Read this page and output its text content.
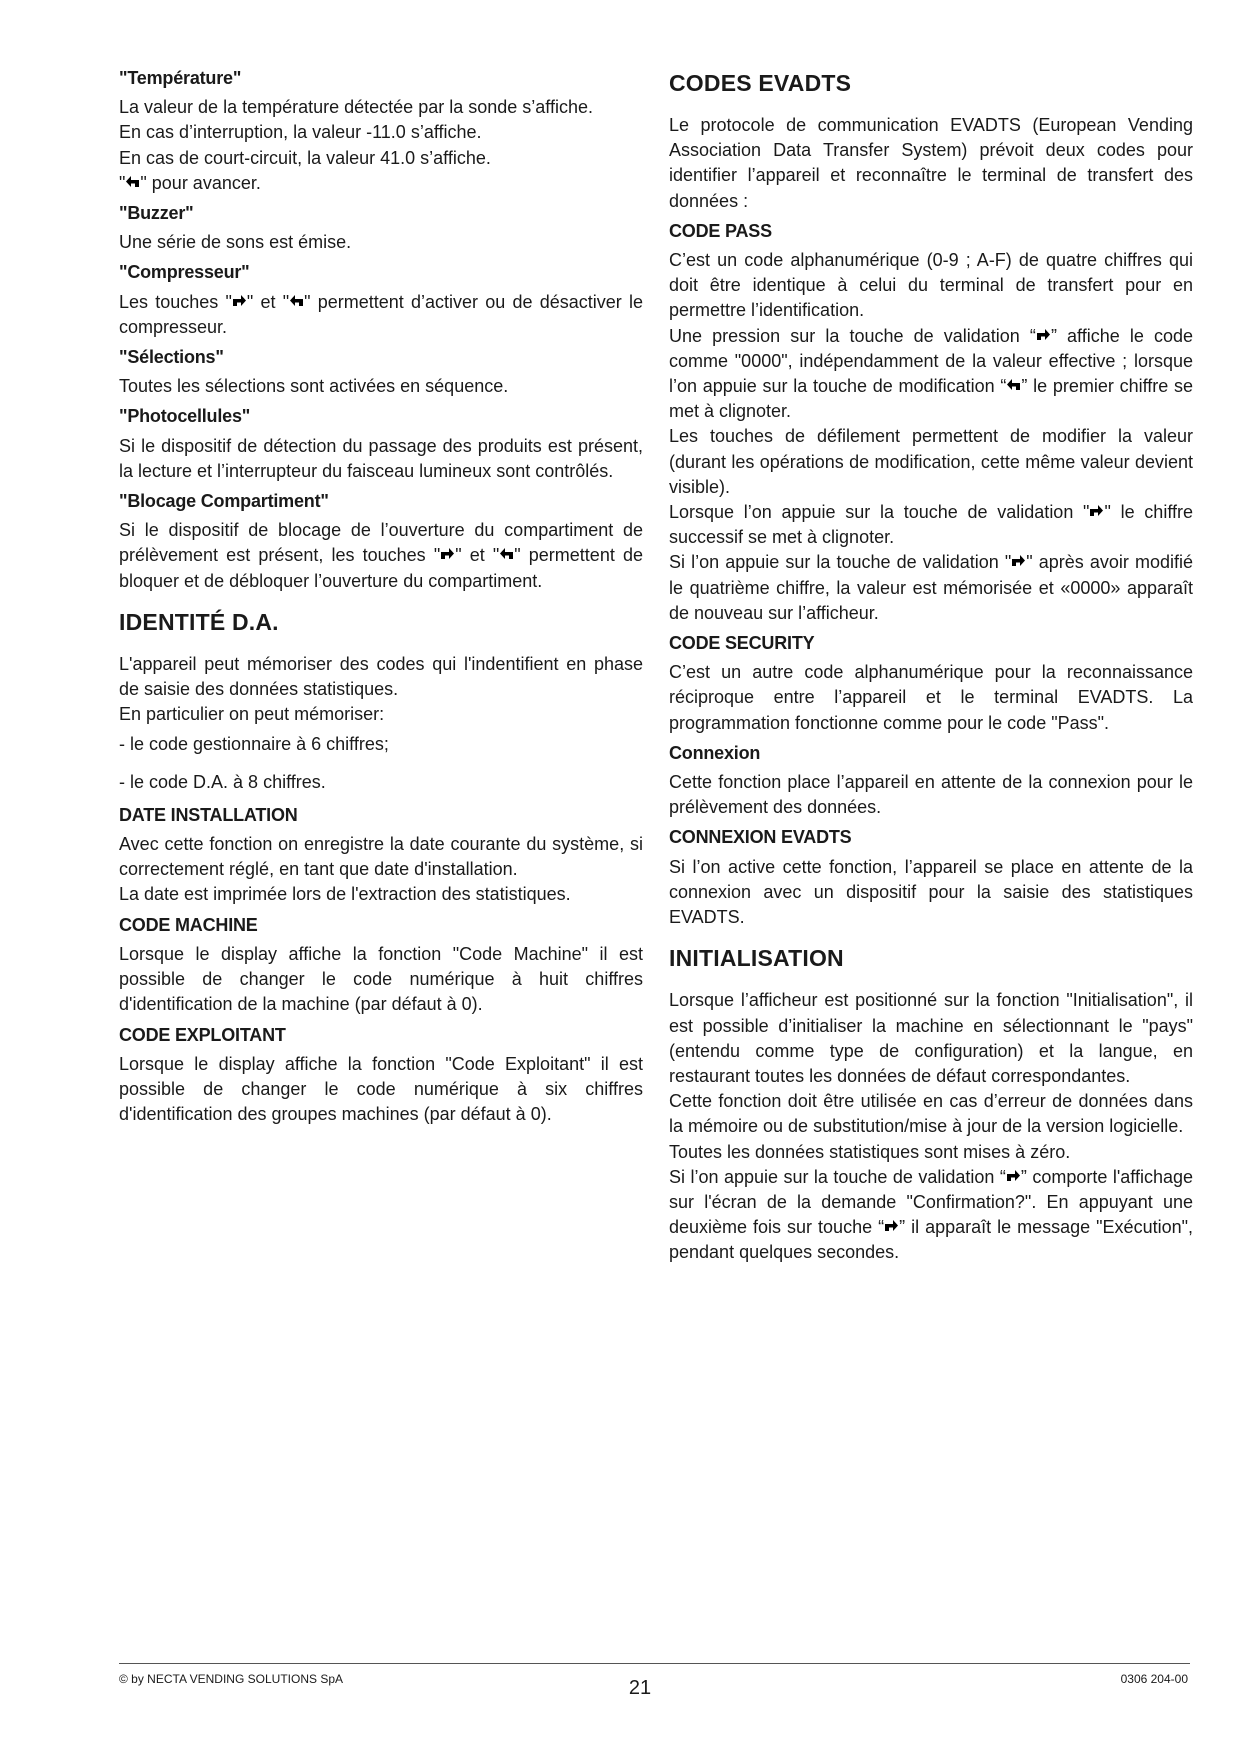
"Température"

La valeur de la température détectée par la sonde s’affiche.

En cas d’interruption, la valeur -11.0 s’affiche.

En cas de court-circuit, la valeur 41.0 s’affiche.

" " pour avancer.

"Buzzer"

Une série de sons est émise.

"Compresseur"

Les touches " " et " " permettent d’activer ou de désactiver le compresseur.

"Sélections"

Toutes les sélections sont activées en séquence.

"Photocellules"

Si le dispositif de détection du passage des produits est présent, la lecture et l’interrupteur du faisceau lumineux sont contrôlés.

"Blocage Compartiment"

Si le dispositif de blocage de l’ouverture du compartiment de prélèvement est présent, les touches " " et " " permettent de bloquer et de débloquer l’ouverture du compartiment.

IDENTITÉ D.A.

L'appareil peut mémoriser des codes qui l'indentifient en phase de saisie des données statistiques.

En particulier on peut mémoriser:

- le code gestionnaire à 6 chiffres;

- le code D.A. à 8 chiffres.

DATE INSTALLATION

Avec cette fonction on enregistre la date courante du système, si correctement réglé, en tant que date d'installation.

La date est imprimée lors de l'extraction des statistiques.

CODE MACHINE

Lorsque le display affiche la fonction "Code Machine" il est possible de changer le code numérique à huit chiffres d'identification de la machine (par défaut à 0).

CODE EXPLOITANT

Lorsque le display affiche la fonction "Code Exploitant" il est possible de changer le code numérique à six chiffres d'identification des groupes machines (par défaut à 0).

CODES EVADTS

Le protocole de communication EVADTS (European Vending Association Data Transfer System) prévoit deux codes pour identifier l’appareil et reconnaître le terminal de transfert des données :

CODE PASS

C’est un code alphanumérique (0-9 ; A-F) de quatre chiffres qui doit être identique à celui du terminal de transfert pour en permettre l’identification.

Une pression sur la touche de validation “ ” affiche le code comme "0000", indépendamment de la valeur effective ; lorsque l’on appuie sur la touche de modification “ ” le premier chiffre se met à clignoter.

Les touches de défilement permettent de modifier la valeur (durant les opérations de modification, cette même valeur devient visible).

Lorsque l’on appuie sur la touche de validation " " le chiffre successif se met à clignoter.

Si l’on appuie sur la touche de validation " " après avoir modifié le quatrième chiffre, la valeur est mémorisée et «0000» apparaît de nouveau sur l’afficheur.

CODE SECURITY

C’est un autre code alphanumérique pour la reconnaissance réciproque entre l’appareil et le terminal EVADTS. La programmation fonctionne comme pour le code "Pass".

Connexion

Cette fonction place l’appareil en attente de la connexion pour le prélèvement des données.

CONNEXION EVADTS

Si l’on active cette fonction, l’appareil se place en attente de la connexion avec un dispositif pour la saisie des statistiques EVADTS.

INITIALISATION

Lorsque l’afficheur est positionné sur la fonction "Initialisation", il est possible d’initialiser la machine en sélectionnant le "pays" (entendu comme type de configuration) et la langue, en restaurant toutes les données de défaut correspondantes.

Cette fonction doit être utilisée en cas d’erreur de données dans la mémoire ou de substitution/mise à jour de la version logicielle.

Toutes les données statistiques sont mises à zéro.

Si l’on appuie sur la touche de validation “ ” comporte l'affichage sur l'écran de la demande "Confirmation?". En appuyant une deuxième fois sur touche “ ” il apparaît le message "Exécution", pendant quelques secondes.

© by NECTA VENDING SOLUTIONS SpA	21	0306 204-00
